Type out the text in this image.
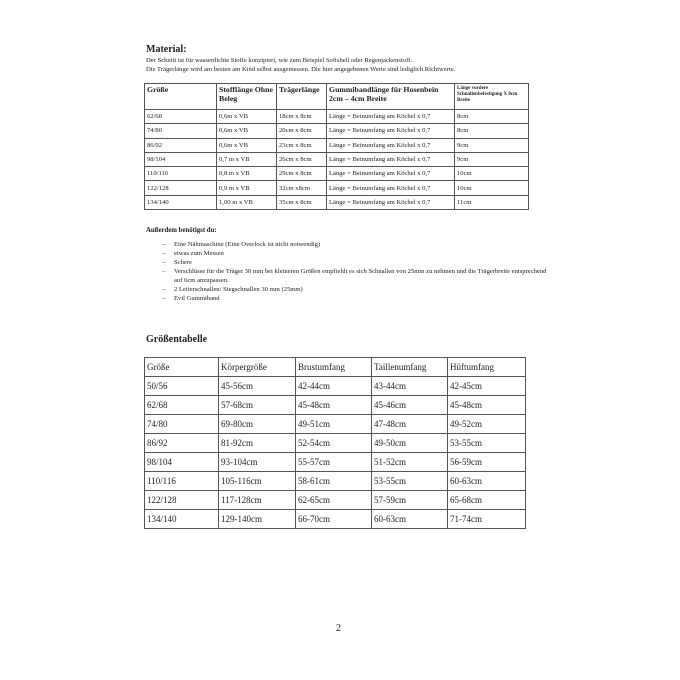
Material:
Der Schnitt ist für wasserdichte Stoffe konzipiert, wie zum Beispiel Softshell oder Regenjackenstoff.
Die Trägerlänge wird am besten am Kind selbst ausgemessen. Die hier angegebenen Werte sind lediglich Richtwerte.
Größe	Stofflänge Ohne Beleg	Trägerlänge	Gummibandlänge für Hosenbein 2cm – 4cm Breite	Länge vordere Schnallenbefestigung X 8cm Breite
62/68	0,6m x VB	18cm x 8cm	Länge = Beinumfang am Köchel x 0,7	8cm
74/80	0,6m x VB	20cm x 8cm	Länge = Beinumfang am Köchel x 0,7	8cm
86/92	0,6m x VB	23cm x 8cm	Länge = Beinumfang am Köchel x 0,7	9cm
98/104	0,7 m x VB	26cm x 8cm	Länge = Beinumfang am Köchel x 0,7	9cm
110/116	0,8 m x VB	29cm x 8cm	Länge = Beinumfang am Köchel x 0,7	10cm
122/128	0,9 m x VB	32cm x8cm	Länge = Beinumfang am Köchel x 0,7	10cm
134/140	1,00 m x VB	35cm x 8cm	Länge = Beinumfang am Köchel x 0,7	11cm
Außerdem benötigst du:
– Eine Nähmaschine (Eine Overlock ist nicht notwendig)
– etwas zum Messen
– Schere
– Verschlüsse für die Träger 30 mm bei kleineren Größen empfiehlt es sich Schnallen von 25mm zu nehmen und die Trägerbreite entsprechend auf 6cm anzupassen.
– 2 Leiterschnallen/ Stegschnallen 30 mm (25mm)
– Evil Gummiband
Größentabelle
Größe	Körpergröße	Brustumfang	Taillenumfang	Hüftumfang
50/56	45-56cm	42-44cm	43-44cm	42-45cm
62/68	57-68cm	45-48cm	45-46cm	45-48cm
74/80	69-80cm	49-51cm	47-48cm	49-52cm
86/92	81-92cm	52-54cm	49-50cm	53-55cm
98/104	93-104cm	55-57cm	51-52cm	56-59cm
110/116	105-116cm	58-61cm	53-55cm	60-63cm
122/128	117-128cm	62-65cm	57-59cm	65-68cm
134/140	129-140cm	66-70cm	60-63cm	71-74cm
2
